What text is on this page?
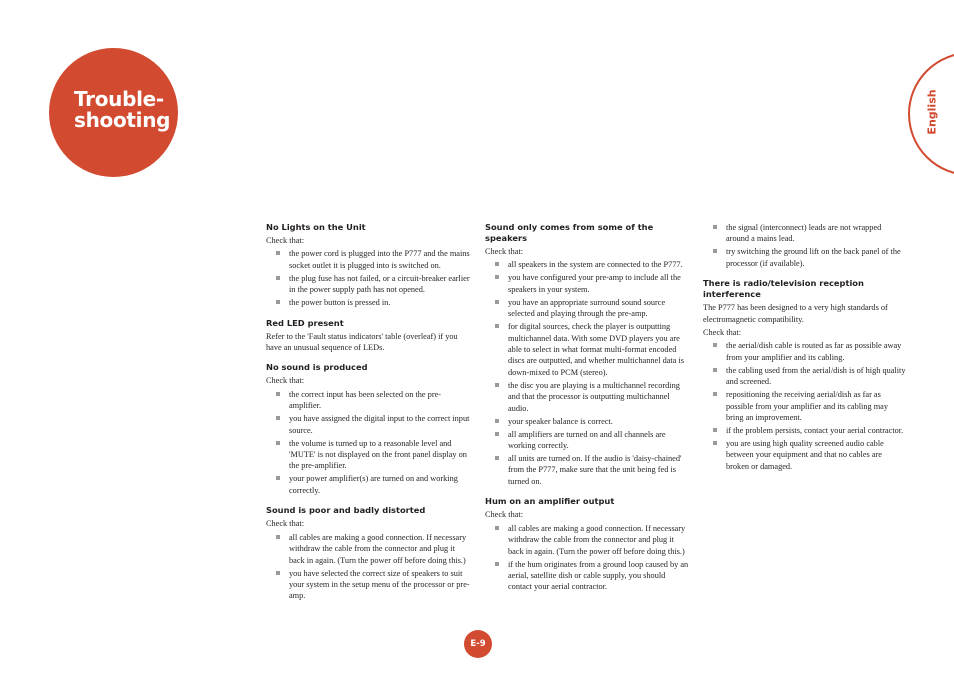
Trouble-
shooting	English
No Lights on the Unit

Check that:

the power cord is plugged into the P777 and the mains socket outlet it is plugged into is switched on.
the plug fuse has not failed, or a circuit-breaker earlier in the power supply path has not opened.
the power button is pressed in.
Red LED present

Refer to the 'Fault status indicators' table (overleaf) if you have an unusual sequence of LEDs.

No sound is produced

Check that:

the correct input has been selected on the pre-amplifier.
you have assigned the digital input to the correct input source.
the volume is turned up to a reasonable level and 'MUTE' is not displayed on the front panel display on the pre-amplifier.
your power amplifier(s) are turned on and working correctly.
Sound is poor and badly distorted

Check that:

all cables are making a good connection. If necessary withdraw the cable from the connector and plug it back in again. (Turn the power off before doing this.)
you have selected the correct size of speakers to suit your system in the setup menu of the processor or pre-amp.
Sound only comes from some of the speakers

Check that:

all speakers in the system are connected to the P777.
you have configured your pre-amp to include all the speakers in your system.
you have an appropriate surround sound source selected and playing through the pre-amp.
for digital sources, check the player is outputting multichannel data. With some DVD players you are able to select in what format multi-format encoded discs are outputted, and whether multichannel data is down-mixed to PCM (stereo).
the disc you are playing is a multichannel recording and that the processor is outputting multichannel audio.
your speaker balance is correct.
all amplifiers are turned on and all channels are working correctly.
all units are turned on. If the audio is 'daisy-chained' from the P777, make sure that the unit being fed is turned on.
Hum on an amplifier output

Check that:

all cables are making a good connection. If necessary withdraw the cable from the connector and plug it back in again. (Turn the power off before doing this.)
if the hum originates from a ground loop caused by an aerial, satellite dish or cable supply, you should contact your aerial contractor.
the signal (interconnect) leads are not wrapped around a mains lead.
try switching the ground lift on the back panel of the processor (if available).
There is radio/television reception interference

The P777 has been designed to a very high standards of electromagnetic compatibility.

Check that:

the aerial/dish cable is routed as far as possible away from your amplifier and its cabling.
the cabling used from the aerial/dish is of high quality and screened.
repositioning the receiving aerial/dish as far as possible from your amplifier and its cabling may bring an improvement.
if the problem persists, contact your aerial contractor.
you are using high quality screened audio cable between your equipment and that no cables are broken or damaged.
E-9
